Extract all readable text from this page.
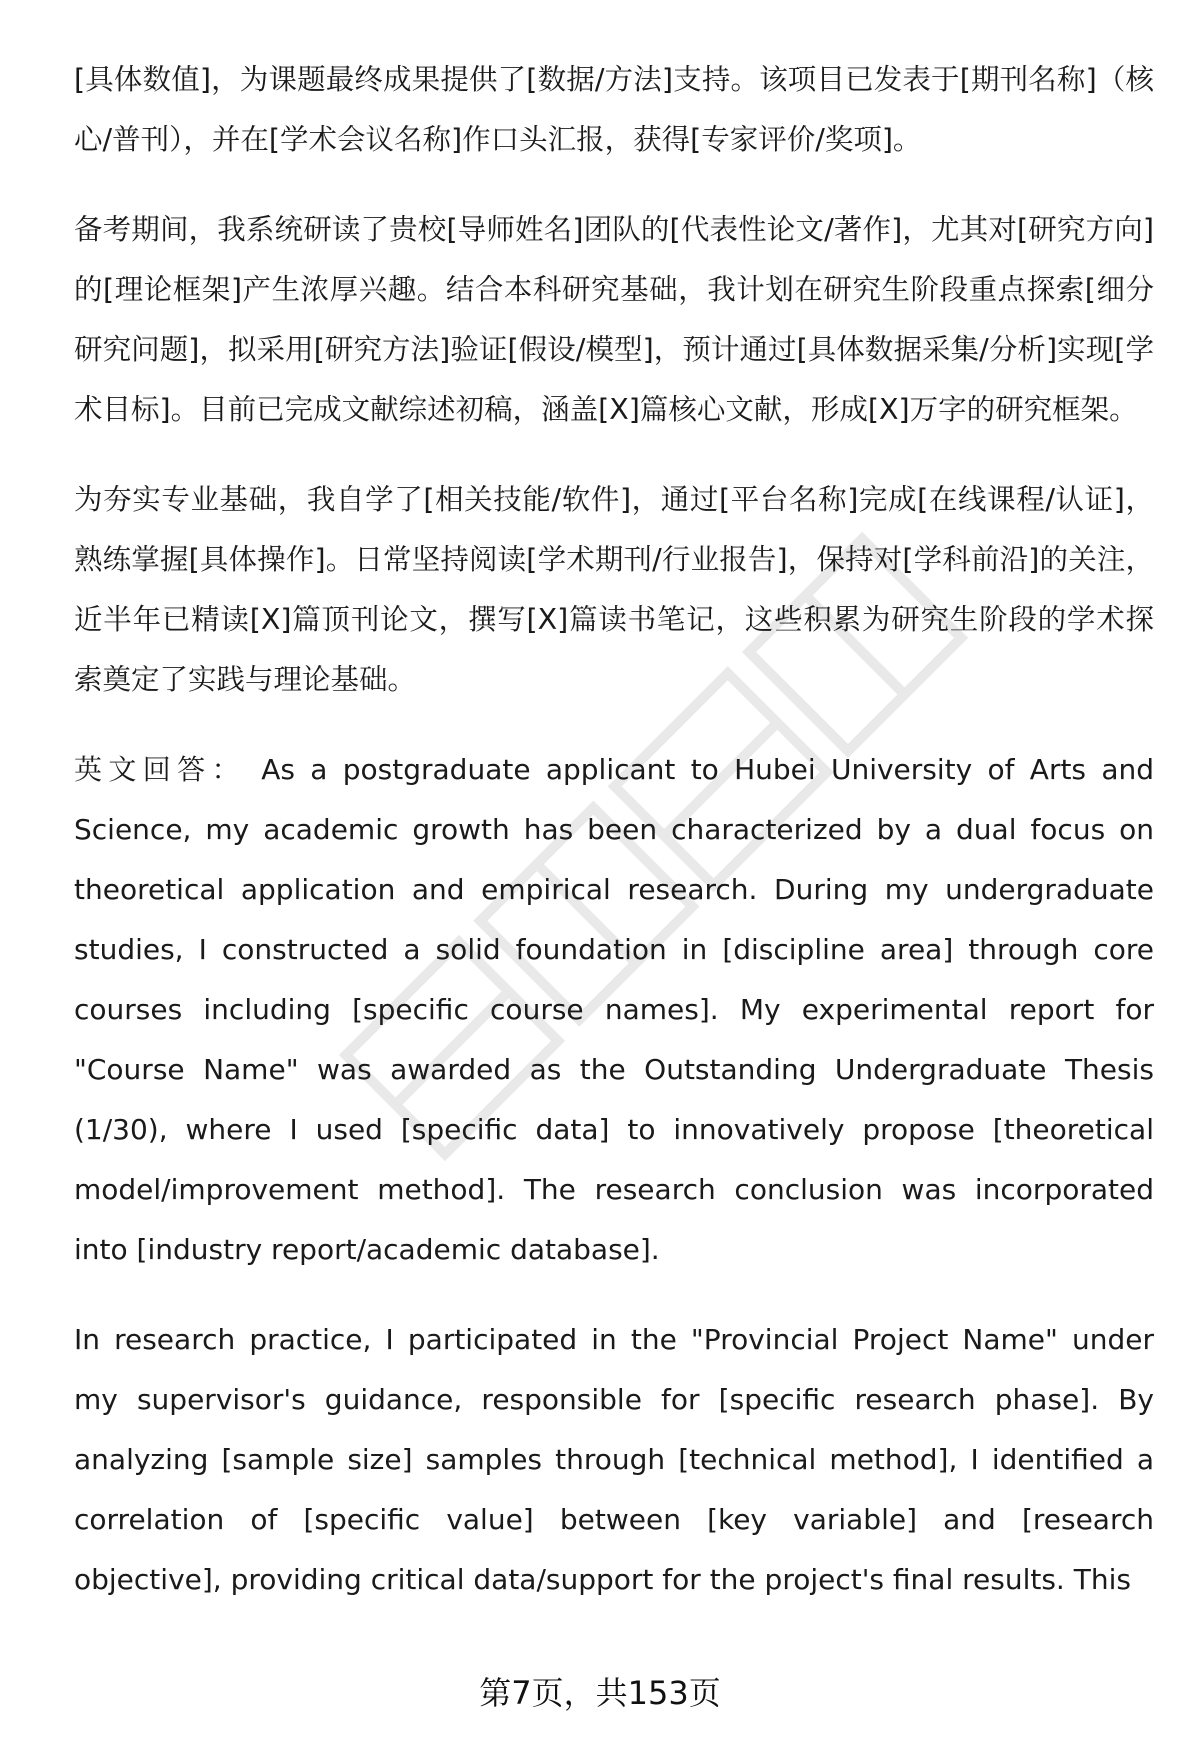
[具体数值]，为课题最终成果提供了[数据/方法]支持。该项目已发表于[期刊名称]（核心/普刊），并在[学术会议名称]作口头汇报，获得[专家评价/奖项]。

备考期间，我系统研读了贵校[导师姓名]团队的[代表性论文/著作]，尤其对[研究方向]的[理论框架]产生浓厚兴趣。结合本科研究基础，我计划在研究生阶段重点探索[细分研究问题]，拟采用[研究方法]验证[假设/模型]，预计通过[具体数据采集/分析]实现[学术目标]。目前已完成文献综述初稿，涵盖[X]篇核心文献，形成[X]万字的研究框架。

为夯实专业基础，我自学了[相关技能/软件]，通过[平台名称]完成[在线课程/认证]，熟练掌握[具体操作]。日常坚持阅读[学术期刊/行业报告]，保持对[学科前沿]的关注，近半年已精读[X]篇顶刊论文，撰写[X]篇读书笔记，这些积累为研究生阶段的学术探索奠定了实践与理论基础。

英文回答： As a postgraduate applicant to Hubei University of Arts and Science, my academic growth has been characterized by a dual focus on theoretical application and empirical research. During my undergraduate studies, I constructed a solid foundation in [discipline area] through core courses including [specific course names]. My experimental report for "Course Name" was awarded as the Outstanding Undergraduate Thesis (1/30), where I used [specific data] to innovatively propose [theoretical model/improvement method]. The research conclusion was incorporated into [industry report/academic database].

In research practice, I participated in the "Provincial Project Name" under my supervisor's guidance, responsible for [specific research phase]. By analyzing [sample size] samples through [technical method], I identified a correlation of [specific value] between [key variable] and [research objective], providing critical data/support for the project's final results. This

第7页，共153页
